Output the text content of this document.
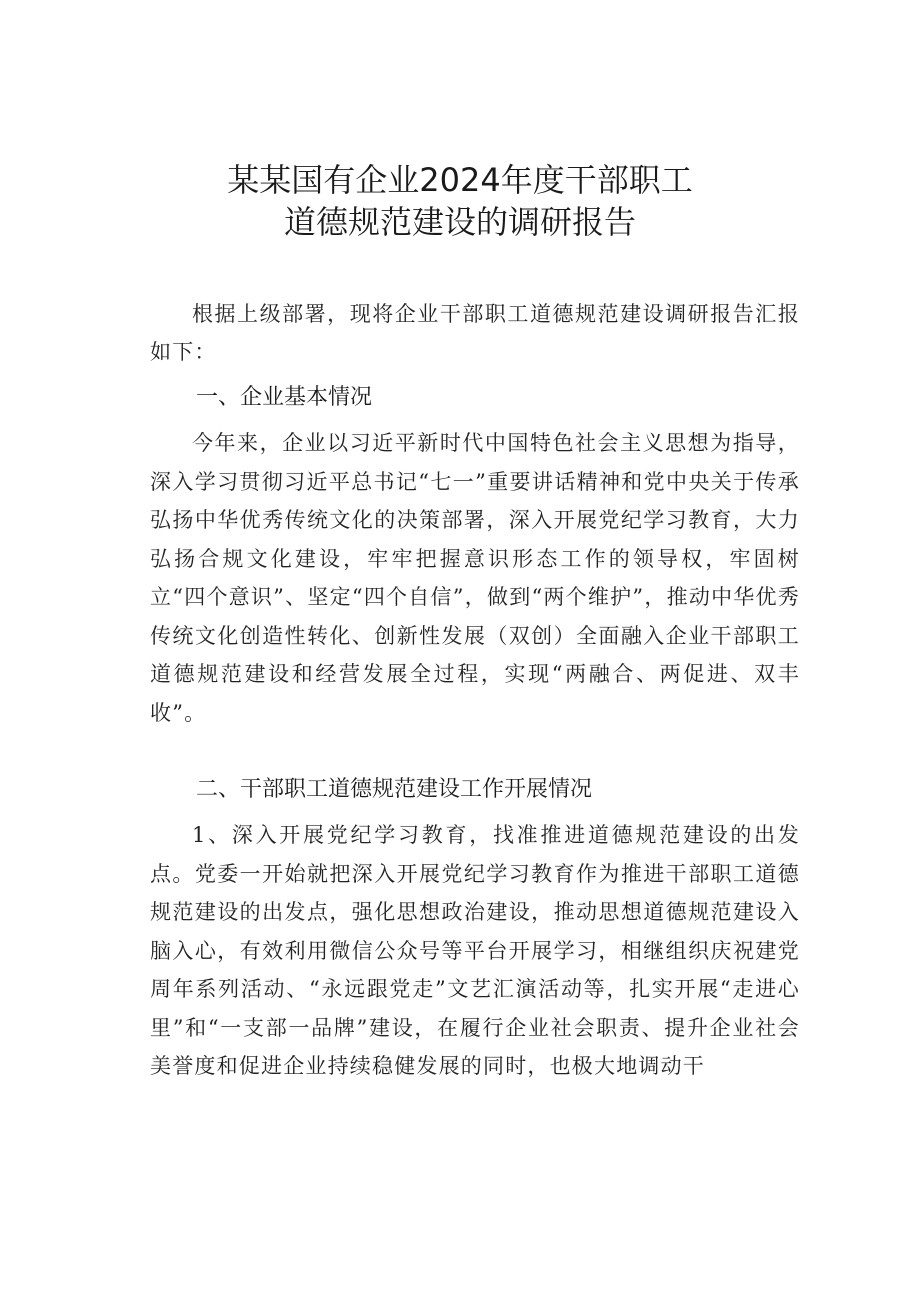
某某国有企业2024年度干部职工
道德规范建设的调研报告

根据上级部署，现将企业干部职工道德规范建设调研报告汇报如下：

一、企业基本情况

今年来，企业以习近平新时代中国特色社会主义思想为指导，深入学习贯彻习近平总书记“七一”重要讲话精神和党中央关于传承弘扬中华优秀传统文化的决策部署，深入开展党纪学习教育，大力弘扬合规文化建设，牢牢把握意识形态工作的领导权，牢固树立“四个意识”、坚定“四个自信”，做到“两个维护”，推动中华优秀传统文化创造性转化、创新性发展（双创）全面融入企业干部职工道德规范建设和经营发展全过程，实现“两融合、两促进、双丰收”。

二、干部职工道德规范建设工作开展情况

1、深入开展党纪学习教育，找准推进道德规范建设的出发点。党委一开始就把深入开展党纪学习教育作为推进干部职工道德规范建设的出发点，强化思想政治建设，推动思想道德规范建设入脑入心，有效利用微信公众号等平台开展学习，相继组织庆祝建党周年系列活动、“永远跟党走”文艺汇演活动等，扎实开展“走进心里”和“一支部一品牌”建设，在履行企业社会职责、提升企业社会美誉度和促进企业持续稳健发展的同时，也极大地调动干
